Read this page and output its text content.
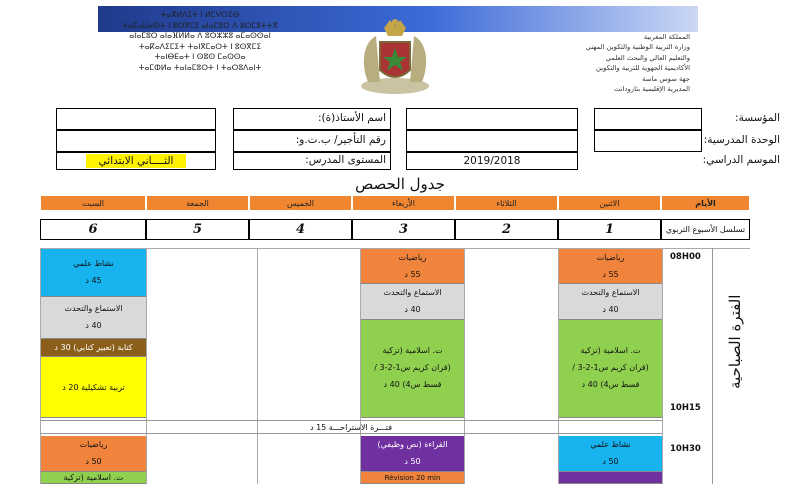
ⵜⴰⴳⵍⴷⵉⵜ ⵏ ⵍⵎⵖⵔⵉⴱ
ⵜⴰⵎⴰⵡⴰⵙⵜ ⵏ ⵓⵙⴳⵎⵉ ⴰⵏⴰⵎⵓⵔ ⴷ ⵓⵙⵎⵓⵜⵜⴳ
ⴰⵏⴰⵎⵓⵔ ⴰⵏⴰⴼⵍⵍⴰ ⴷ ⵓⵔⵣⵣⵓ ⴰⵎⴰⵙⵙⴰⵏ
ⵜⴰⴽⴰⴷⵉⵎⵉⵜ ⵜⴰⵏⴳⵎⴰⵔⵜ ⵏ ⵓⵙⴳⵎⵉ
ⵜⴰⵏⴱⴹⴰⵜ ⵏ ⵙⵓⵙ ⵎⴰⵙⵙⴰ
ⵜⴰⵎⵀⵍⴰ ⵜⴰⵏⴰⵎⵓⵔⵜ ⵏ ⵜⴰⵔⵓⴷⴰⵏⵜ
المملكة المغربية
وزارة التربية الوطنية والتكوين المهني
والتعليم العالي والبحث العلمي
الأكاديمية الجهوية للتربية والتكوين
جهة سوس ماسة
المديرية الإقليمية بتارودانت
المؤسسة:
الوحدة المدرسية:
2019/2018	الموسم الدراسي:
اسم الأستاذ(ة):
رقم التأجير/ ب.ت.و:
المستوى المدرس:
الثــــاني الابتدائي
جدول الحصص
الأيام
الاثنين
الثلاثاء
الأربعاء
الخميس
الجمعة
السبت
تسلسل الأسبوع التربوي
1
2
3
4
5
6
08H00
10H15
10H30
الفترة الصباحية
رياضيات
55 د
الاستماع والتحدث
40 د
ت. اسلامية (تزكية
(قران كريم س1-2-3 /
قسط س4) 40 د
نشاط علمي
50 د
رياضيات
55 د
الاستماع والتحدث
40 د
ت. اسلامية (تزكية
(قران كريم س1-2-3 /
قسط س4) 40 د
القراءة (نص وظيفي)
50 د
Révision 20 min
نشاط علمي
45 د
الاستماع والتحدث
40 د
كتابة (تعبير كتابي) 30 د
تربية تشكيلية 20 د
رياضيات
50 د
ت. اسلامية (تزكية
فتـــرة الاستراحـــة 15 د
